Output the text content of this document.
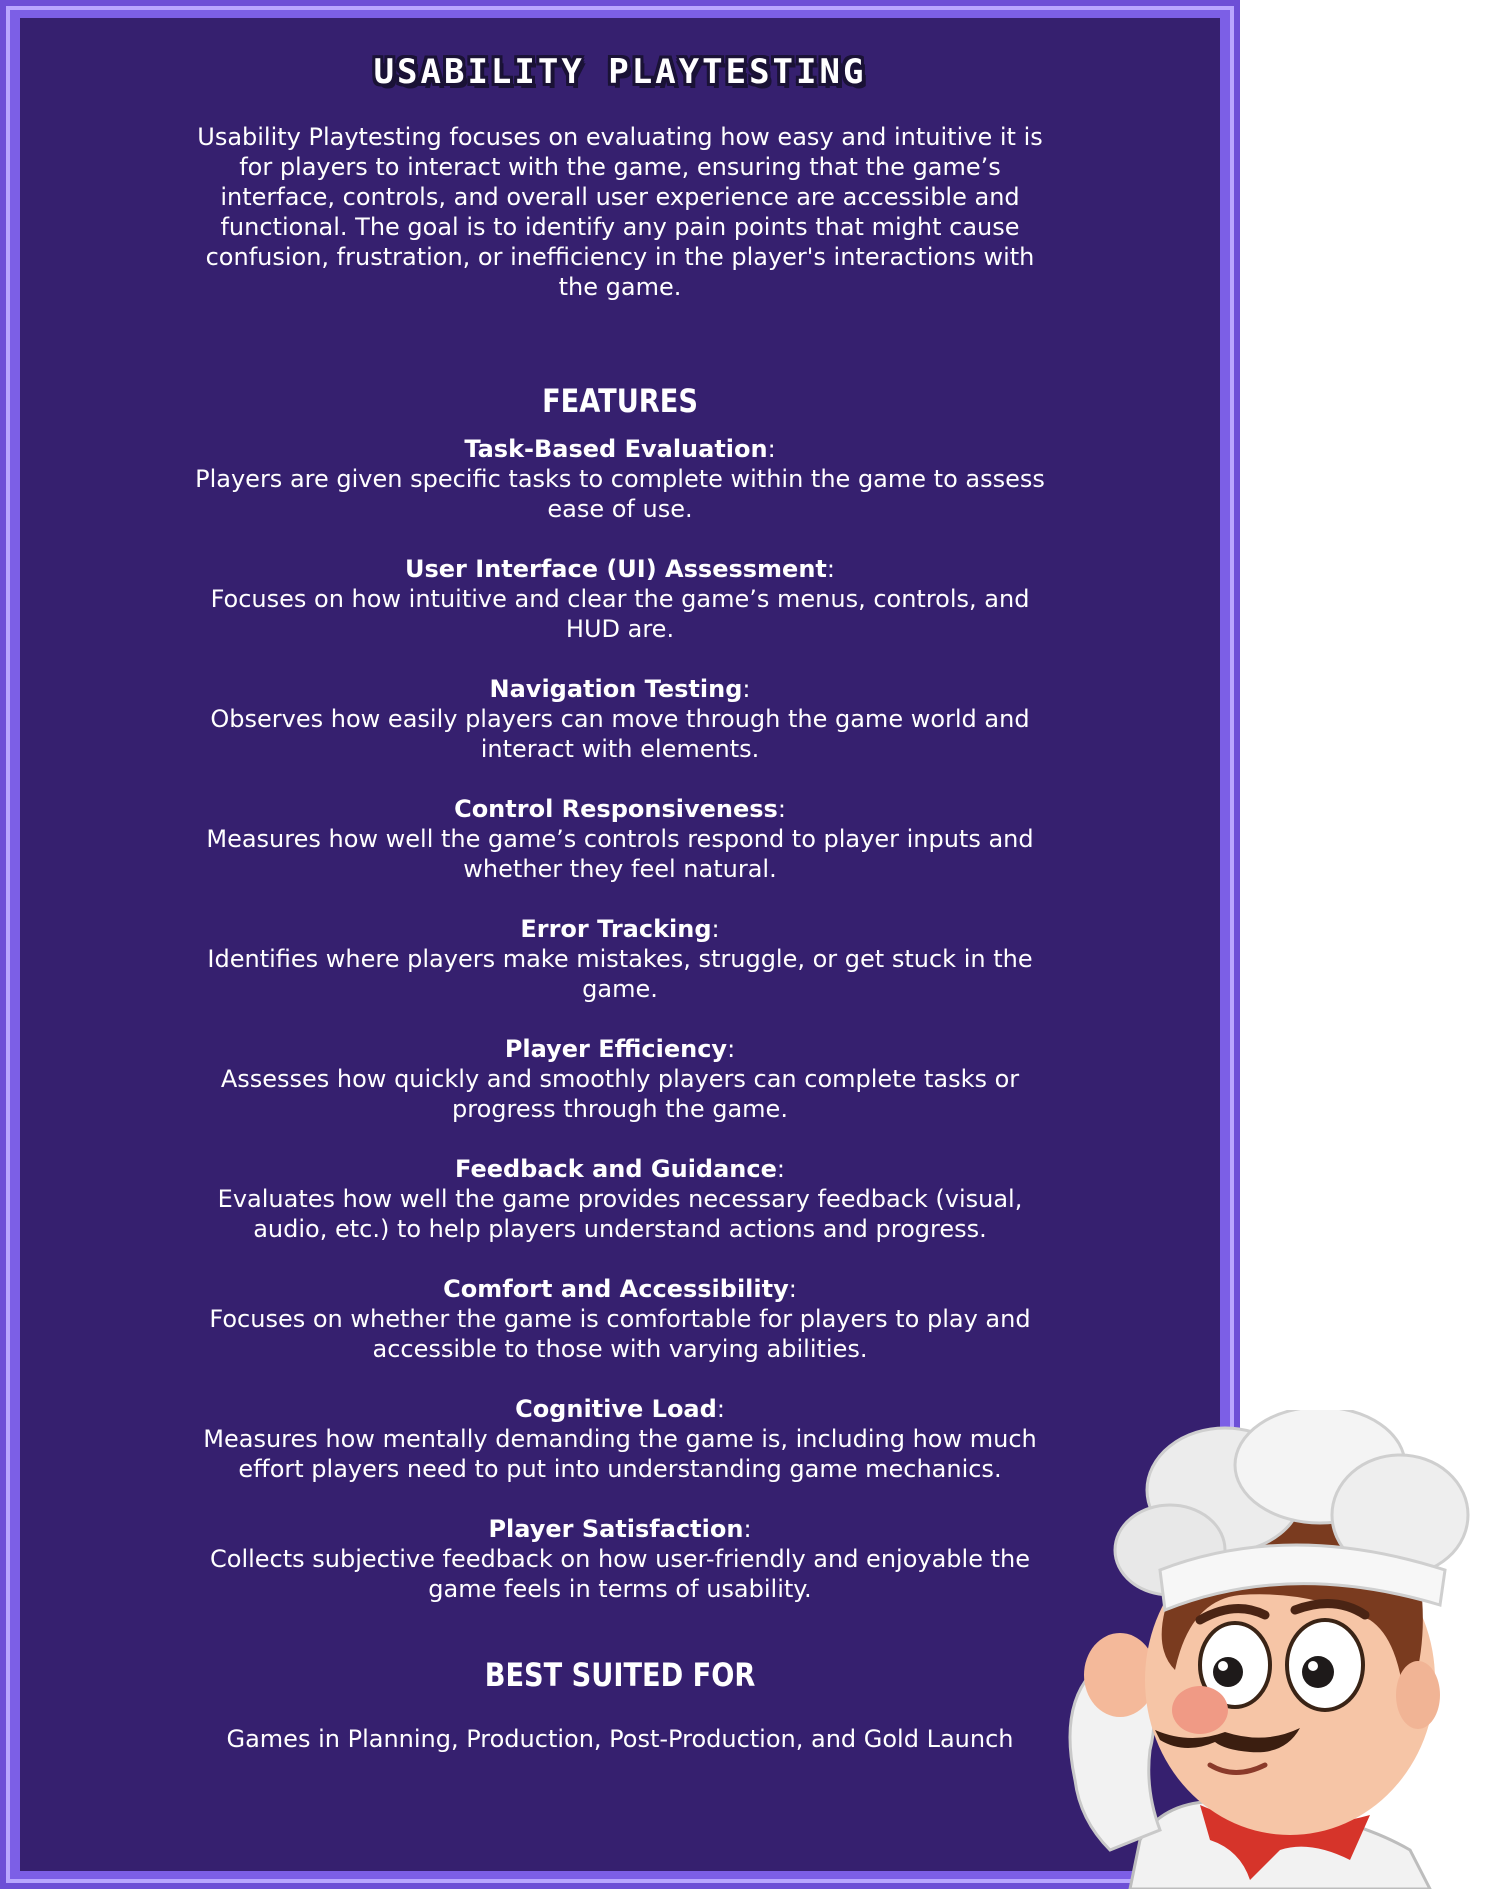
USABILITY PLAYTESTING

Usability Playtesting focuses on evaluating how easy and intuitive it is for players to interact with the game, ensuring that the game’s interface, controls, and overall user experience are accessible and functional. The goal is to identify any pain points that might cause confusion, frustration, or inefficiency in the player's interactions with the game.

FEATURES
Task-Based Evaluation:
Players are given specific tasks to complete within the game to assess ease of use.
User Interface (UI) Assessment:
Focuses on how intuitive and clear the game’s menus, controls, and HUD are.
Navigation Testing:
Observes how easily players can move through the game world and interact with elements.
Control Responsiveness:
Measures how well the game’s controls respond to player inputs and whether they feel natural.
Error Tracking:
Identifies where players make mistakes, struggle, or get stuck in the game.
Player Efficiency:
Assesses how quickly and smoothly players can complete tasks or progress through the game.
Feedback and Guidance:
Evaluates how well the game provides necessary feedback (visual, audio, etc.) to help players understand actions and progress.
Comfort and Accessibility:
Focuses on whether the game is comfortable for players to play and accessible to those with varying abilities.
Cognitive Load:
Measures how mentally demanding the game is, including how much effort players need to put into understanding game mechanics.
Player Satisfaction:
Collects subjective feedback on how user-friendly and enjoyable the game feels in terms of usability.
BEST SUITED FOR

Games in Planning, Production, Post-Production, and Gold Launch
